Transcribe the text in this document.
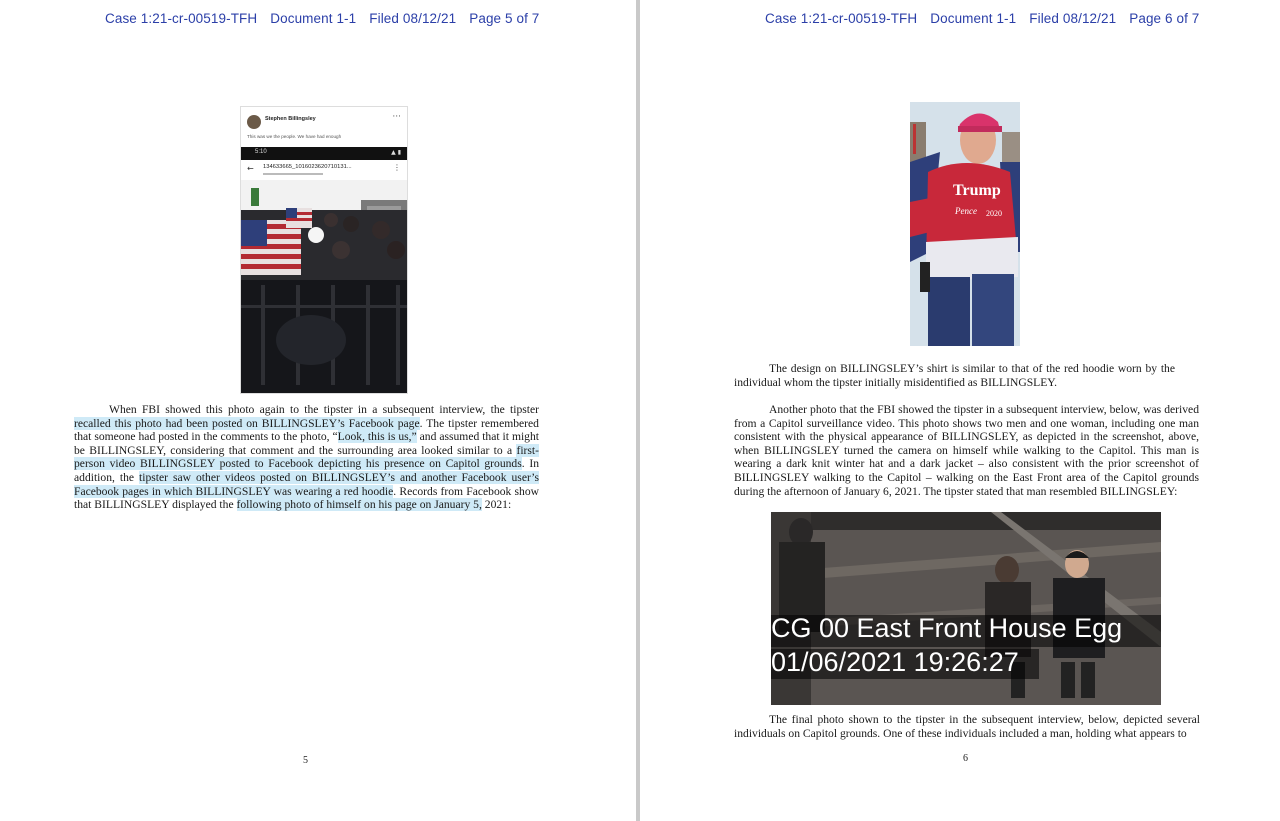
Case 1:21-cr-00519-TFH Document 1-1 Filed 08/12/21 Page 5 of 7
Stephen Billingsley	···
This was we the people. We have had enough
5:10	▲ ▮
← 134633665_1016023620710131...	⋮

When FBI showed this photo again to the tipster in a subsequent interview, the tipster recalled this photo had been posted on BILLINGSLEY’s Facebook page. The tipster remembered that someone had posted in the comments to the photo, “Look, this is us,” and assumed that it might be BILLINGSLEY, considering that comment and the surrounding area looked similar to a first-person video BILLINGSLEY posted to Facebook depicting his presence on Capitol grounds. In addition, the tipster saw other videos posted on BILLINGSLEY’s and another Facebook user’s Facebook pages in which BILLINGSLEY was wearing a red hoodie. Records from Facebook show that BILLINGSLEY displayed the following photo of himself on his page on January 5, 2021:

5
Case 1:21-cr-00519-TFH Document 1-1 Filed 08/12/21 Page 6 of 7
Trump
Pence 2020

The design on BILLINGSLEY’s shirt is similar to that of the red hoodie worn by the individual whom the tipster initially misidentified as BILLINGSLEY.

Another photo that the FBI showed the tipster in a subsequent interview, below, was derived from a Capitol surveillance video. This photo shows two men and one woman, including one man consistent with the physical appearance of BILLINGSLEY, as depicted in the screenshot, above, when BILLINGSLEY turned the camera on himself while walking to the Capitol. This man is wearing a dark knit winter hat and a dark jacket – also consistent with the prior screenshot of BILLINGSLEY walking to the Capitol – walking on the East Front area of the Capitol grounds during the afternoon of January 6, 2021. The tipster stated that man resembled BILLINGSLEY:

CG 00 East Front House Egg
01/06/2021 19:26:27

The final photo shown to the tipster in the subsequent interview, below, depicted several individuals on Capitol grounds. One of these individuals included a man, holding what appears to

6
